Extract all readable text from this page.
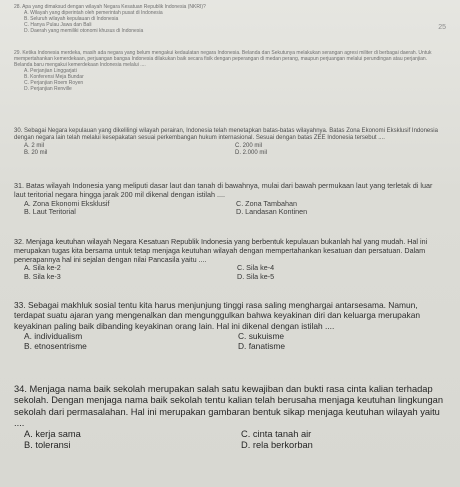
25

28. Apa yang dimaksud dengan wilayah Negara Kesatuan Republik Indonesia (NKRI)?

A. Wilayah yang diperintah oleh pemerintah pusat di Indonesia
B. Seluruh wilayah kepulauan di Indonesia
C. Hanya Pulau Jawa dan Bali
D. Daerah yang memiliki otonomi khusus di Indonesia

29. Ketika Indonesia merdeka, masih ada negara yang belum mengakui kedaulatan negara Indonesia. Belanda dan Sekutunya melakukan serangan agresi militer di berbagai daerah. Untuk mempertahankan kemerdekaan, perjuangan bangsa Indonesia dilakukan baik secara fisik dengan peperangan di medan perang, maupun perjuangan melalui perundingan atau perjanjian. Belanda baru mengakui kemerdekaan Indonesia melalui ....

A. Perjanjian Linggarjati
B. Konferensi Meja Bundar
C. Perjanjian Roem Royen
D. Perjanjian Renville

30. Sebagai Negara kepulauan yang dikelilingi wilayah perairan, Indonesia telah menetapkan batas-batas wilayahnya. Batas Zona Ekonomi Eksklusif Indonesia dengan negara lain telah melalui kesepakatan sesuai perkembangan hukum internasional. Sesuai dengan batas ZEE Indonesia tersebut ....

A. 2 mil	C. 200 mil
B. 20 mil	D. 2.000 mil

31. Batas wilayah Indonesia yang meliputi dasar laut dan tanah di bawahnya, mulai dari bawah permukaan laut yang terletak di luar laut teritorial negara hingga jarak 200 mil dikenal dengan istilah ....

A. Zona Ekonomi Eksklusif	C. Zona Tambahan
B. Laut Teritorial	D. Landasan Kontinen

32. Menjaga keutuhan wilayah Negara Kesatuan Republik Indonesia yang berbentuk kepulauan bukanlah hal yang mudah. Hal ini merupakan tugas kita bersama untuk tetap menjaga keutuhan wilayah dengan mempertahankan kesatuan dan persatuan. Dalam penerapannya hal ini sejalan dengan nilai Pancasila yaitu ....

A. Sila ke-2	C. Sila ke-4
B. Sila ke-3	D. Sila ke-5

33. Sebagai makhluk sosial tentu kita harus menjunjung tinggi rasa saling menghargai antarsesama. Namun, terdapat suatu ajaran yang mengenalkan dan mengunggulkan bahwa keyakinan diri dan keluarga merupakan keyakinan paling baik dibanding keyakinan orang lain. Hal ini dikenal dengan istilah ....

A. individualism	C. sukuisme
B. etnosentrisme	D. fanatisme

34. Menjaga nama baik sekolah merupakan salah satu kewajiban dan bukti rasa cinta kalian terhadap sekolah. Dengan menjaga nama baik sekolah tentu kalian telah berusaha menjaga keutuhan lingkungan sekolah dari permasalahan. Hal ini merupakan gambaran bentuk sikap menjaga keutuhan wilayah yaitu ....

A. kerja sama	C. cinta tanah air
B. toleransi	D. rela berkorban
